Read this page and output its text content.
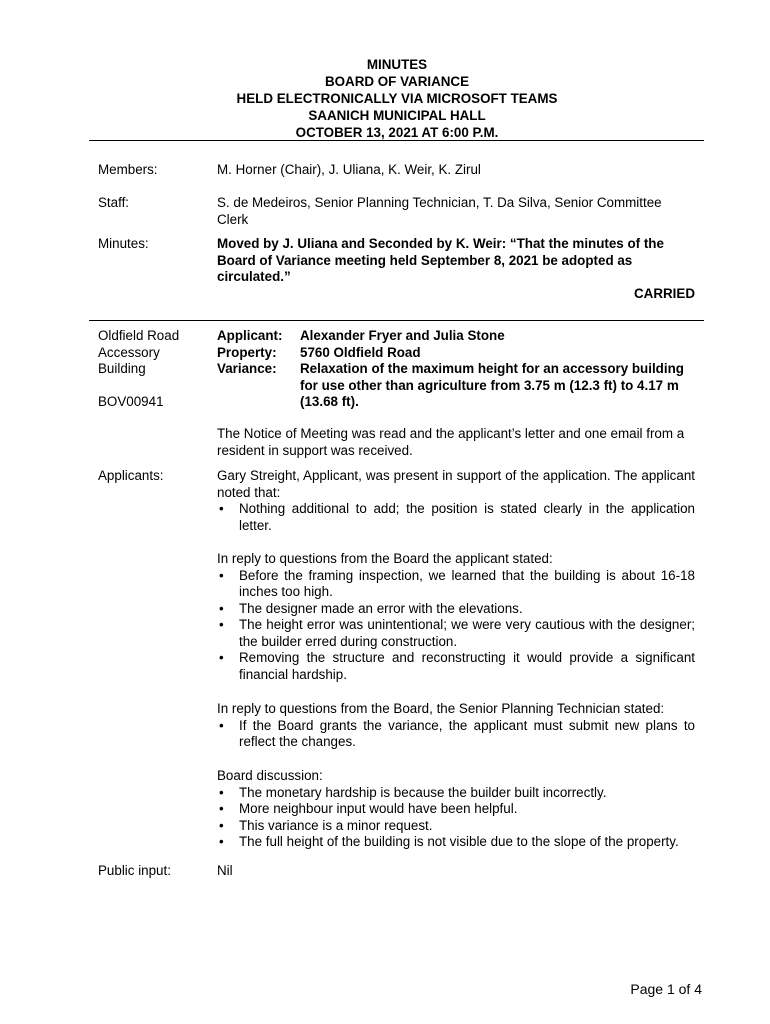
MINUTES
BOARD OF VARIANCE
HELD ELECTRONICALLY VIA MICROSOFT TEAMS
SAANICH MUNICIPAL HALL
OCTOBER 13, 2021 AT 6:00 P.M.
Members:	M. Horner (Chair), J. Uliana, K. Weir, K. Zirul
Staff:	S. de Medeiros, Senior Planning Technician, T. Da Silva, Senior Committee Clerk
Minutes:	Moved by J. Uliana and Seconded by K. Weir: “That the minutes of the Board of Variance meeting held September 8, 2021 be adopted as circulated.”
CARRIED
Oldfield Road
Accessory
Building
BOV00941
Applicant:	Alexander Fryer and Julia Stone
Property:	5760 Oldfield Road
Variance:	Relaxation of the maximum height for an accessory building for use other than agriculture from 3.75 m (12.3 ft) to 4.17 m (13.68 ft).
The Notice of Meeting was read and the applicant’s letter and one email from a resident in support was received.
Applicants:	Gary Streight, Applicant, was present in support of the application. The applicant noted that:
• Nothing additional to add; the position is stated clearly in the application letter.
In reply to questions from the Board the applicant stated:
• Before the framing inspection, we learned that the building is about 16-18 inches too high.
• The designer made an error with the elevations.
• The height error was unintentional; we were very cautious with the designer; the builder erred during construction.
• Removing the structure and reconstructing it would provide a significant financial hardship.
In reply to questions from the Board, the Senior Planning Technician stated:
• If the Board grants the variance, the applicant must submit new plans to reflect the changes.
Board discussion:
• The monetary hardship is because the builder built incorrectly.
• More neighbour input would have been helpful.
• This variance is a minor request.
• The full height of the building is not visible due to the slope of the property.
Public input:	Nil
Page 1 of 4
